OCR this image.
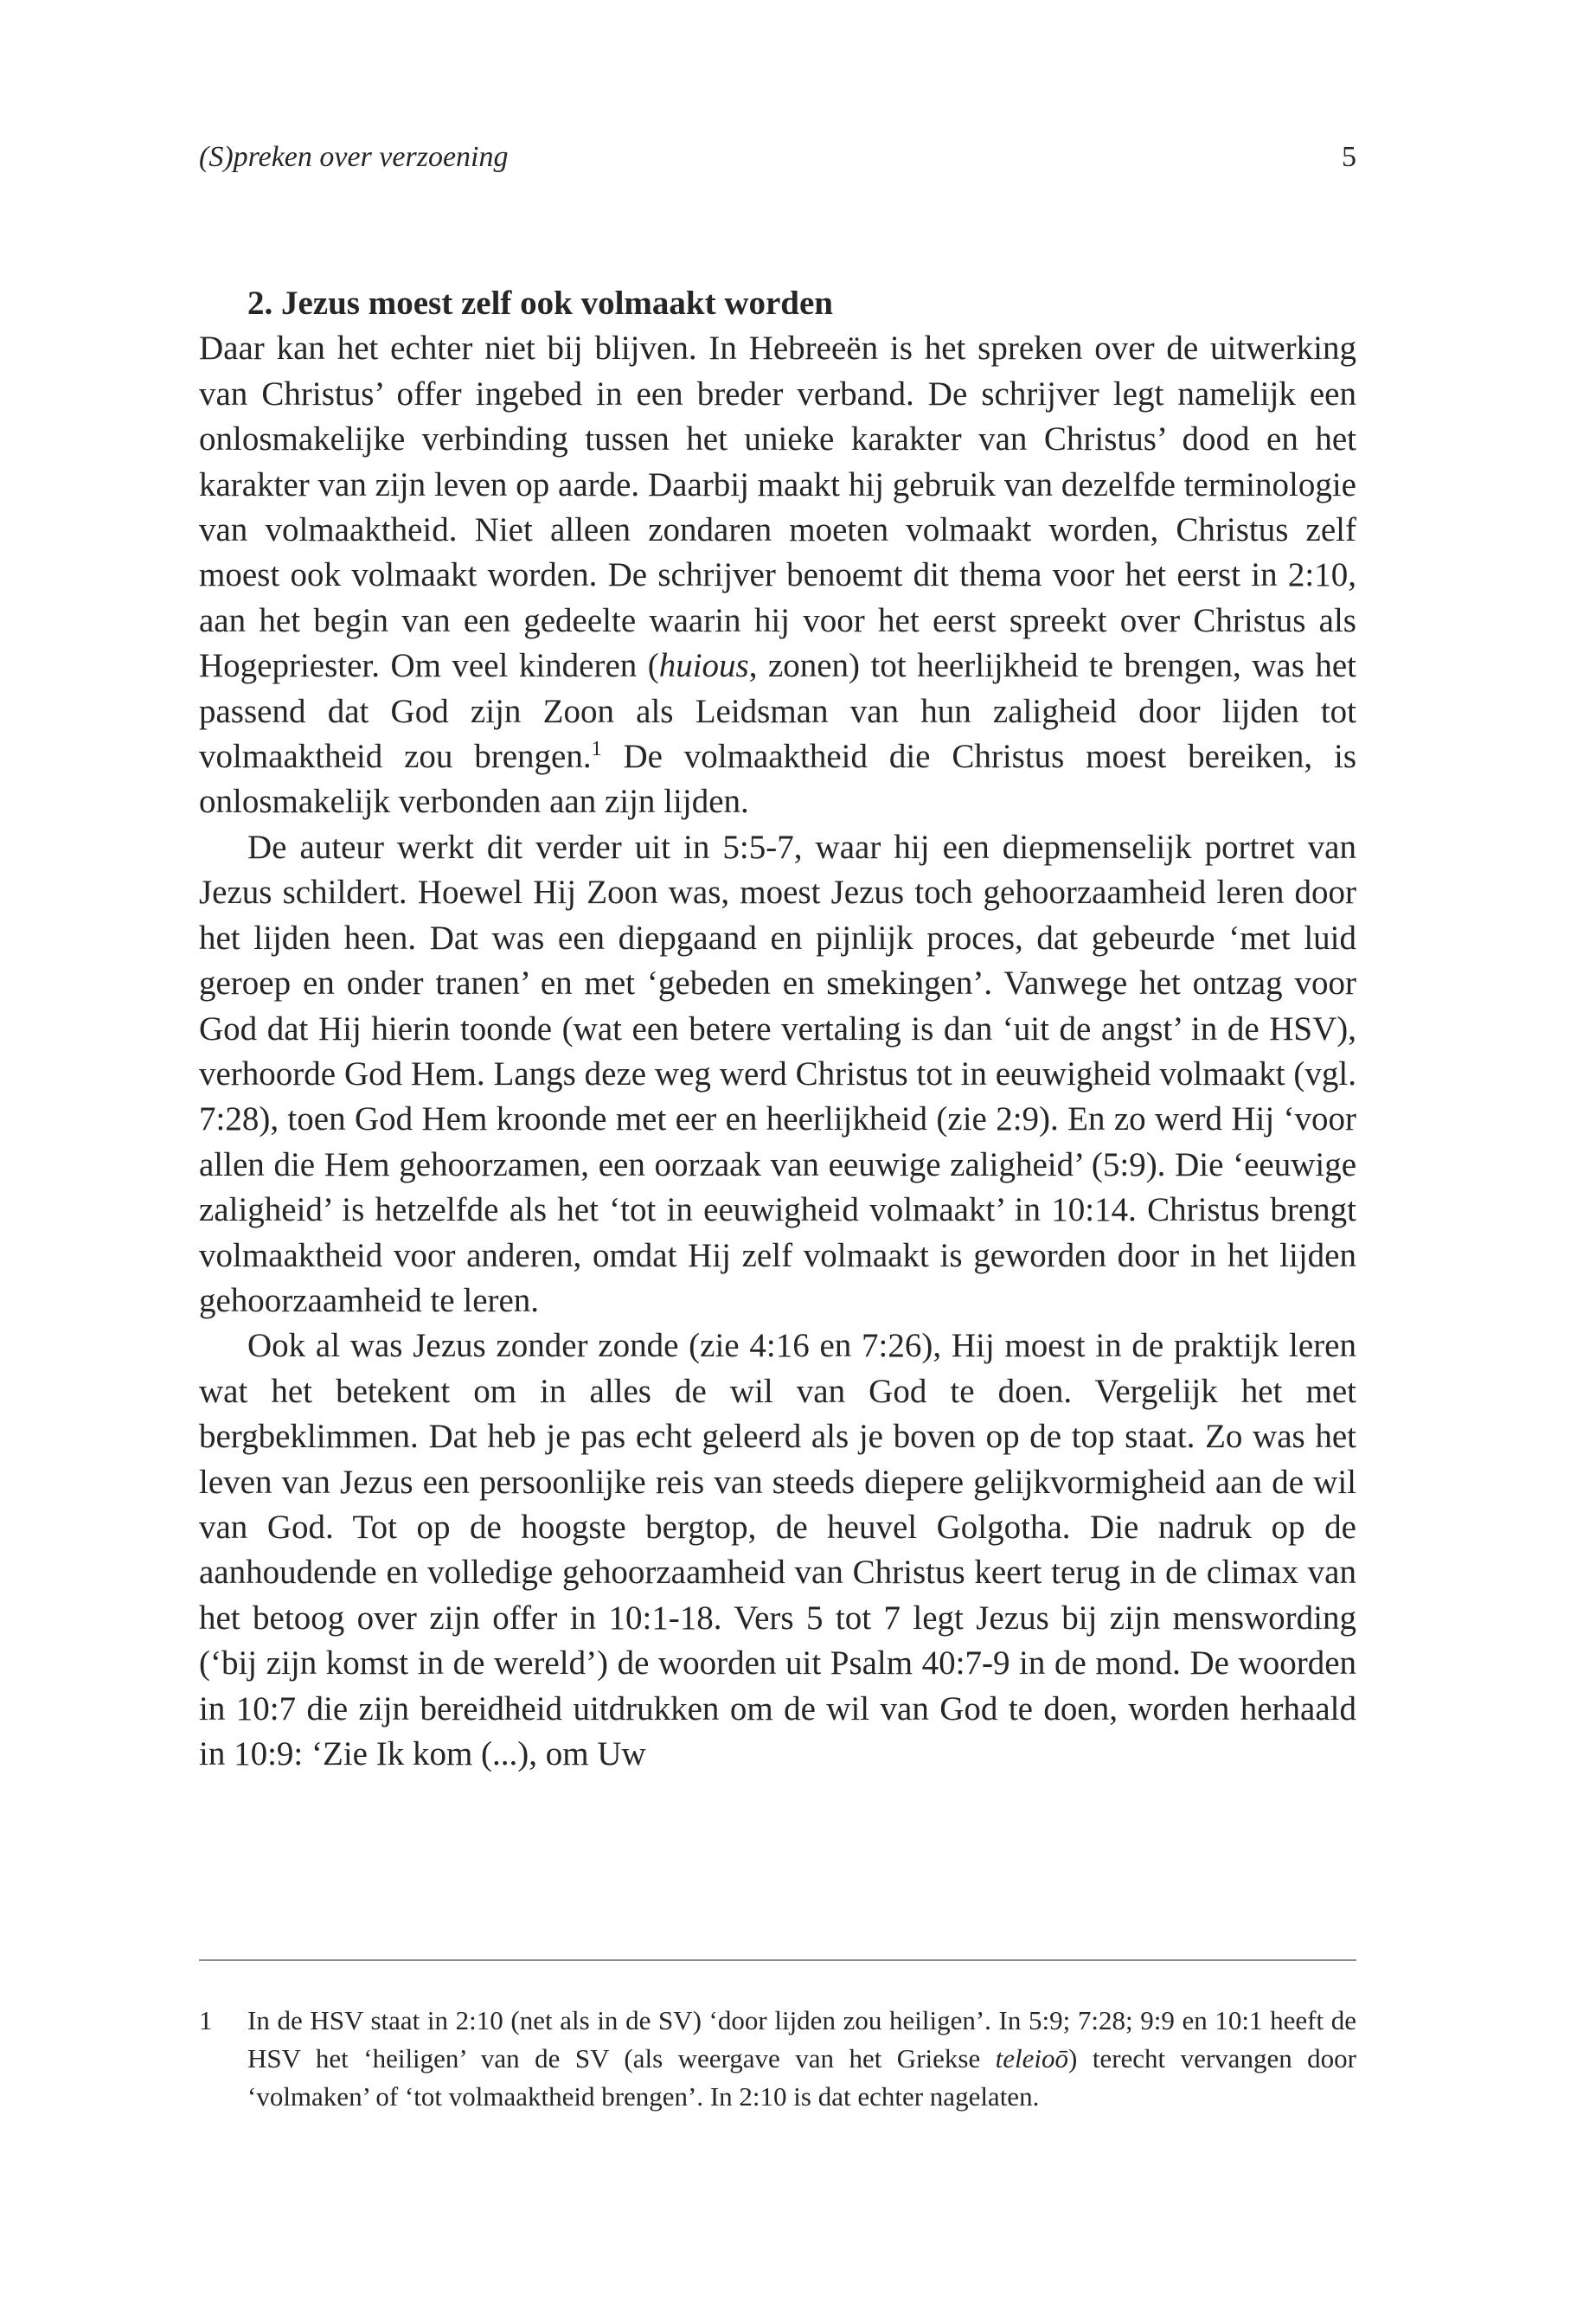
(S)preken over verzoening	5
2. Jezus moest zelf ook volmaakt worden

Daar kan het echter niet bij blijven. In Hebreeën is het spreken over de uitwerking van Christus’ offer ingebed in een breder verband. De schrijver legt namelijk een onlosmakelijke verbinding tussen het unieke karakter van Christus’ dood en het karakter van zijn leven op aarde. Daarbij maakt hij gebruik van dezelfde terminologie van volmaaktheid. Niet alleen zondaren moeten volmaakt worden, Christus zelf moest ook volmaakt worden. De schrijver benoemt dit thema voor het eerst in 2:10, aan het begin van een gedeelte waarin hij voor het eerst spreekt over Christus als Hogepriester. Om veel kinderen (huious, zonen) tot heerlijkheid te brengen, was het passend dat God zijn Zoon als Leidsman van hun zaligheid door lijden tot volmaaktheid zou brengen.$^1$ De volmaaktheid die Christus moest bereiken, is onlosmakelijk verbonden aan zijn lijden.

De auteur werkt dit verder uit in 5:5-7, waar hij een diepmenselijk portret van Jezus schildert. Hoewel Hij Zoon was, moest Jezus toch gehoorzaamheid leren door het lijden heen. Dat was een diepgaand en pijnlijk proces, dat gebeurde ‘met luid geroep en onder tranen’ en met ‘gebeden en smekingen’. Vanwege het ontzag voor God dat Hij hierin toonde (wat een betere vertaling is dan ‘uit de angst’ in de HSV), verhoorde God Hem. Langs deze weg werd Christus tot in eeuwigheid volmaakt (vgl. 7:28), toen God Hem kroonde met eer en heerlijkheid (zie 2:9). En zo werd Hij ‘voor allen die Hem gehoorzamen, een oorzaak van eeuwige zaligheid’ (5:9). Die ‘eeuwige zaligheid’ is hetzelfde als het ‘tot in eeuwigheid volmaakt’ in 10:14. Christus brengt volmaaktheid voor anderen, omdat Hij zelf volmaakt is geworden door in het lijden gehoorzaamheid te leren.

Ook al was Jezus zonder zonde (zie 4:16 en 7:26), Hij moest in de praktijk leren wat het betekent om in alles de wil van God te doen. Vergelijk het met bergbeklimmen. Dat heb je pas echt geleerd als je boven op de top staat. Zo was het leven van Jezus een persoonlijke reis van steeds diepere gelijkvormigheid aan de wil van God. Tot op de hoogste bergtop, de heuvel Golgotha. Die nadruk op de aanhoudende en volledige gehoorzaamheid van Christus keert terug in de climax van het betoog over zijn offer in 10:1-18. Vers 5 tot 7 legt Jezus bij zijn menswording (‘bij zijn komst in de wereld’) de woorden uit Psalm 40:7-9 in de mond. De woorden in 10:7 die zijn bereidheid uitdrukken om de wil van God te doen, worden herhaald in 10:9: ‘Zie Ik kom (...), om Uw

1 In de HSV staat in 2:10 (net als in de SV) ‘door lijden zou heiligen’. In 5:9; 7:28; 9:9 en 10:1 heeft de HSV het ‘heiligen’ van de SV (als weergave van het Griekse teleioō) terecht vervangen door ‘volmaken’ of ‘tot volmaaktheid brengen’. In 2:10 is dat echter nagelaten.
